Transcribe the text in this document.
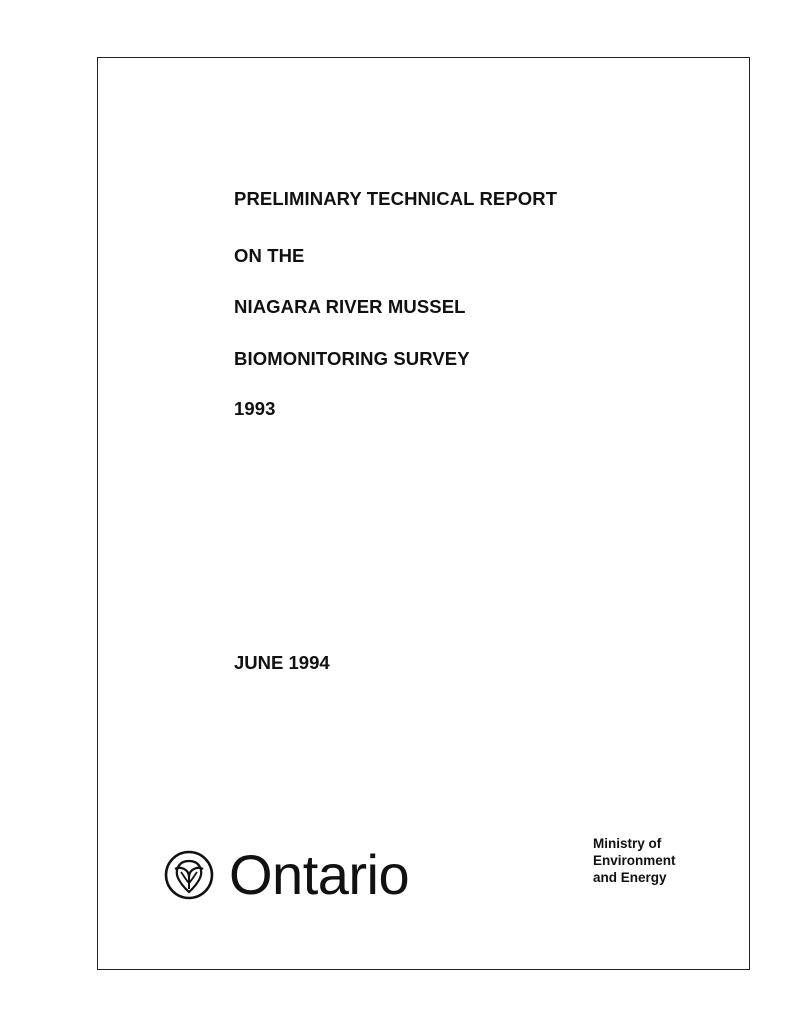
PRELIMINARY TECHNICAL REPORT
ON THE
NIAGARA RIVER MUSSEL
BIOMONITORING SURVEY
1993

JUNE 1994

Ontario	Ministry of
Environment
and Energy
